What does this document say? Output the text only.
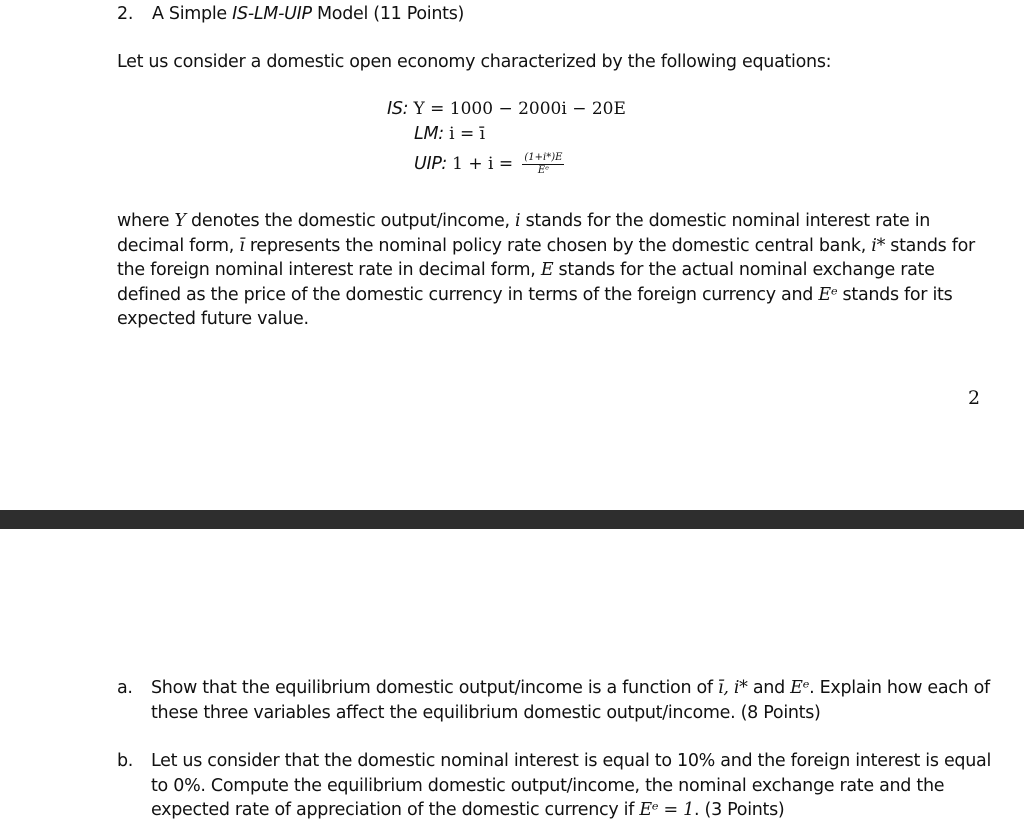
2. A Simple IS-LM-UIP Model (11 Points)
Let us consider a domestic open economy characterized by the following equations:
IS: Y = 1000 − 2000i − 20E
LM: i = ī
UIP: $1 + i = \frac{(1+i*)E}{\text{Eᵉ}}$
where Y denotes the domestic output/income, i stands for the domestic nominal interest rate in decimal form, ī represents the nominal policy rate chosen by the domestic central bank, i* stands for the foreign nominal interest rate in decimal form, E stands for the actual nominal exchange rate defined as the price of the domestic currency in terms of the foreign currency and Eᵉ stands for its expected future value.
2
a. Show that the equilibrium domestic output/income is a function of ī, i* and Eᵉ. Explain how each of these three variables affect the equilibrium domestic output/income. (8 Points)
b. Let us consider that the domestic nominal interest is equal to 10% and the foreign interest is equal to 0%. Compute the equilibrium domestic output/income, the nominal exchange rate and the expected rate of appreciation of the domestic currency if Eᵉ = 1. (3 Points)
